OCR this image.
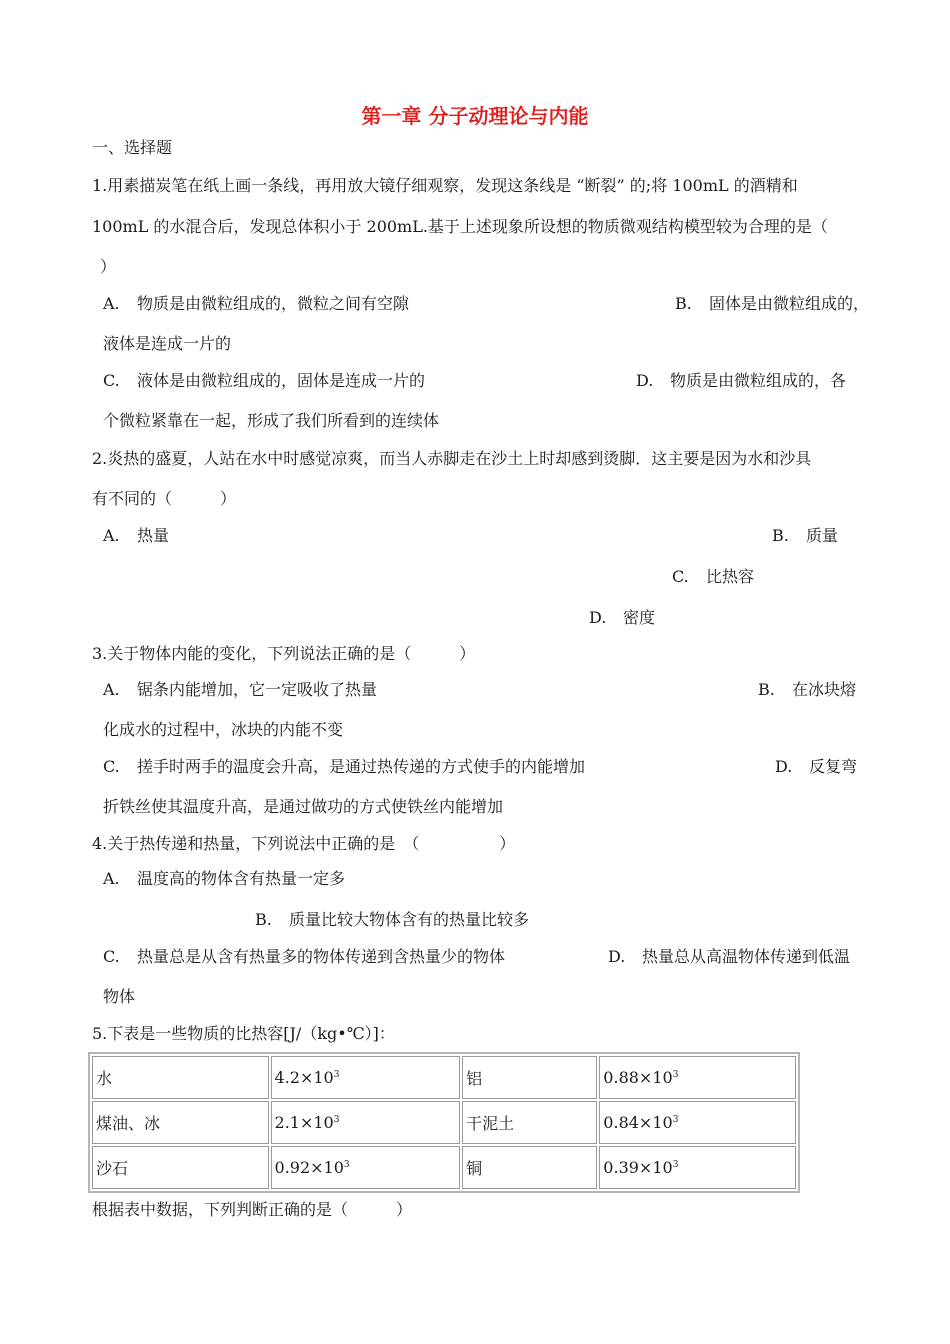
第一章 分子动理论与内能
一、选择题
1.用素描炭笔在纸上画一条线，再用放大镜仔细观察，发现这条线是 “断裂” 的;将 100mL 的酒精和
100mL 的水混合后，发现总体积小于 200mL.基于上述现象所设想的物质微观结构模型较为合理的是（
）
A. 物质是由微粒组成的，微粒之间有空隙	B. 固体是由微粒组成的，
液体是连成一片的
C. 液体是由微粒组成的，固体是连成一片的	D. 物质是由微粒组成的，各
个微粒紧靠在一起，形成了我们所看到的连续体
2.炎热的盛夏，人站在水中时感觉凉爽，而当人赤脚走在沙土上时却感到烫脚．这主要是因为水和沙具
有不同的（　　　）
A. 热量	B. 质量
C. 比热容
D. 密度
3.关于物体内能的变化，下列说法正确的是（　　　）
A. 锯条内能增加，它一定吸收了热量	B. 在冰块熔
化成水的过程中，冰块的内能不变
C. 搓手时两手的温度会升高，是通过热传递的方式使手的内能增加	D. 反复弯
折铁丝使其温度升高，是通过做功的方式使铁丝内能增加
4.关于热传递和热量，下列说法中正确的是　（　　　　　）
A. 温度高的物体含有热量一定多
B. 质量比较大物体含有的热量比较多
C. 热量总是从含有热量多的物体传递到含热量少的物体	D. 热量总从高温物体传递到低温
物体
5.下表是一些物质的比热容[J/（kg•℃）]：
水	$4.2\times 10^3$	铝	$0.88\times 10^3$
煤油、冰	$2.1\times 10^3$	干泥土	$0.84\times 10^3$
沙石	$0.92\times 10^3$	铜	$0.39\times 10^3$
根据表中数据，下列判断正确的是（　　　）
